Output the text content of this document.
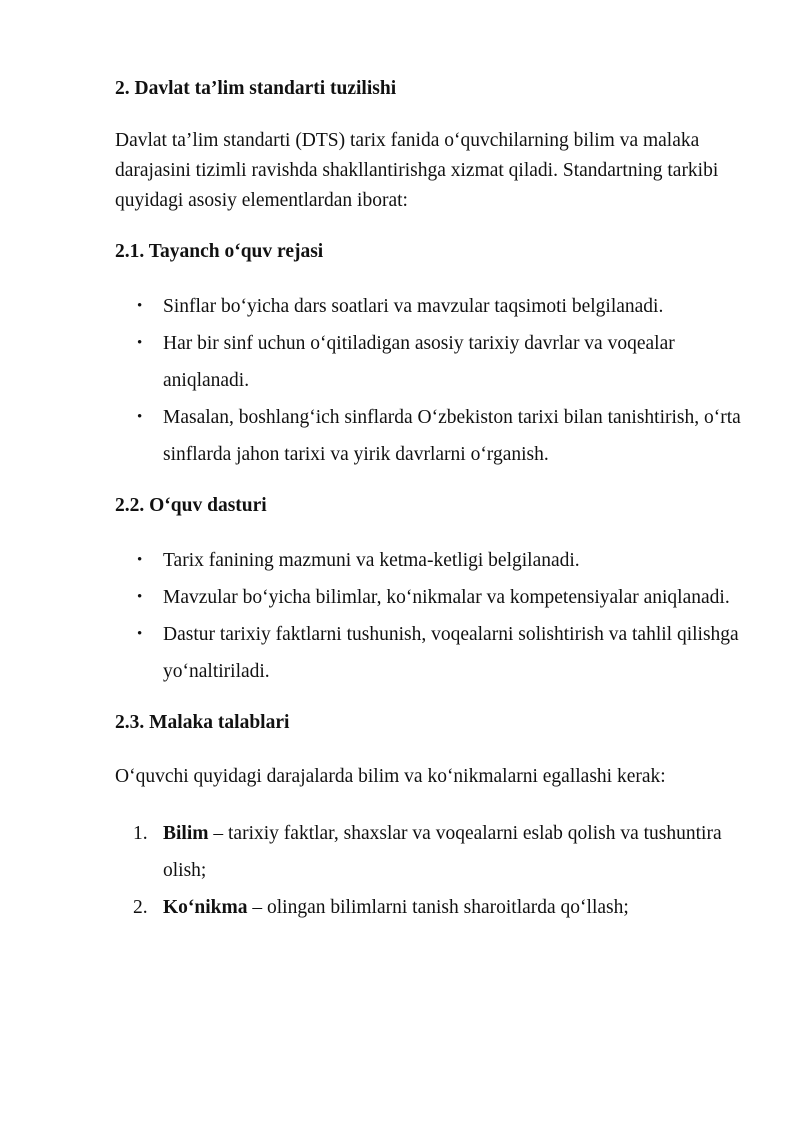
2. Davlat ta’lim standarti tuzilishi

Davlat ta’lim standarti (DTS) tarix fanida o‘quvchilarning bilim va malaka darajasini tizimli ravishda shakllantirishga xizmat qiladi. Standartning tarkibi quyidagi asosiy elementlardan iborat:

2.1. Tayanch o‘quv rejasi
• Sinflar bo‘yicha dars soatlari va mavzular taqsimoti belgilanadi.
• Har bir sinf uchun o‘qitiladigan asosiy tarixiy davrlar va voqealar aniqlanadi.
• Masalan, boshlang‘ich sinflarda O‘zbekiston tarixi bilan tanishtirish, o‘rta sinflarda jahon tarixi va yirik davrlarni o‘rganish.
2.2. O‘quv dasturi
• Tarix fanining mazmuni va ketma-ketligi belgilanadi.
• Mavzular bo‘yicha bilimlar, ko‘nikmalar va kompetensiyalar aniqlanadi.
• Dastur tarixiy faktlarni tushunish, voqealarni solishtirish va tahlil qilishga yo‘naltiriladi.
2.3. Malaka talablari

O‘quvchi quyidagi darajalarda bilim va ko‘nikmalarni egallashi kerak:

1. Bilim – tarixiy faktlar, shaxslar va voqealarni eslab qolish va tushuntira olish;
2. Ko‘nikma – olingan bilimlarni tanish sharoitlarda qo‘llash;
